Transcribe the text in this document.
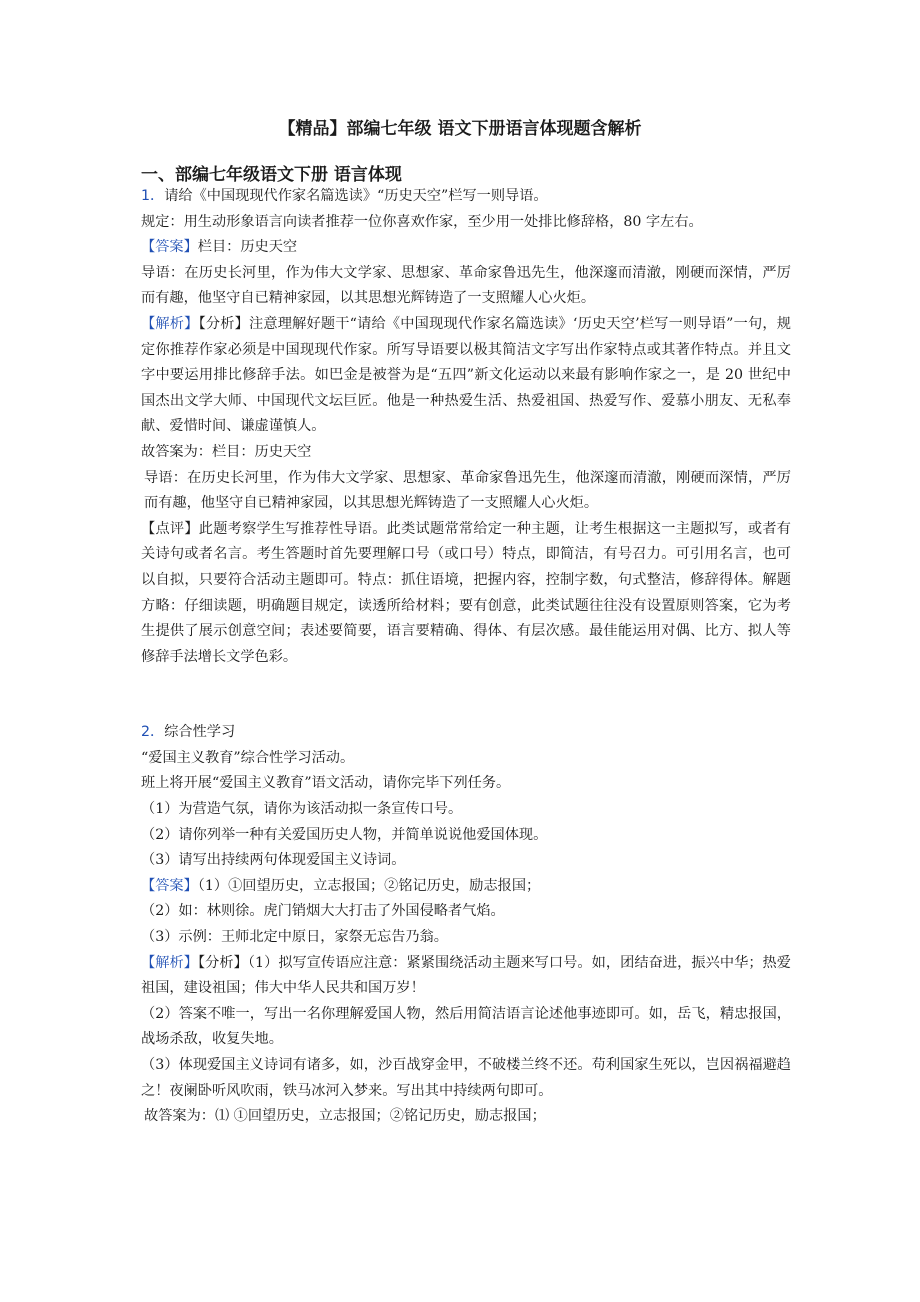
【精品】部编七年级 语文下册语言体现题含解析
一、部编七年级语文下册 语言体现

1．请给《中国现现代作家名篇选读》“历史天空”栏写一则导语。

规定：用生动形象语言向读者推荐一位你喜欢作家，至少用一处排比修辞格，80 字左右。

【答案】栏目：历史天空

导语：在历史长河里，作为伟大文学家、思想家、革命家鲁迅先生，他深邃而清澈，刚硬而深情，严厉而有趣，他坚守自已精神家园，以其思想光辉铸造了一支照耀人心火炬。

【解析】【分析】注意理解好题干“请给《中国现现代作家名篇选读》‘历史天空’栏写一则导语”一句，规定你推荐作家必须是中国现现代作家。所写导语要以极其简洁文字写出作家特点或其著作特点。并且文字中要运用排比修辞手法。如巴金是被誉为是“五四”新文化运动以来最有影响作家之一，是 20 世纪中国杰出文学大师、中国现代文坛巨匠。他是一种热爱生活、热爱祖国、热爱写作、爱慕小朋友、无私奉献、爱惜时间、谦虚谨慎人。

故答案为：栏目：历史天空

导语：在历史长河里，作为伟大文学家、思想家、革命家鲁迅先生，他深邃而清澈，刚硬而深情，严厉而有趣，他坚守自已精神家园，以其思想光辉铸造了一支照耀人心火炬。

【点评】此题考察学生写推荐性导语。此类试题常常给定一种主题，让考生根据这一主题拟写，或者有关诗句或者名言。考生答题时首先要理解口号（或口号）特点，即简洁，有号召力。可引用名言，也可以自拟，只要符合活动主题即可。特点：抓住语境，把握内容，控制字数，句式整洁，修辞得体。解题方略：仔细读题，明确题目规定，读透所给材料；要有创意，此类试题往往没有设置原则答案，它为考生提供了展示创意空间；表述要简要，语言要精确、得体、有层次感。最佳能运用对偶、比方、拟人等修辞手法增长文学色彩。

2．综合性学习

“爱国主义教育”综合性学习活动。

班上将开展“爱国主义教育”语文活动，请你完毕下列任务。

（1）为营造气氛，请你为该活动拟一条宣传口号。

（2）请你列举一种有关爱国历史人物，并简单说说他爱国体现。

（3）请写出持续两句体现爱国主义诗词。

【答案】（1）①回望历史，立志报国；②铭记历史，励志报国；

（2）如：林则徐。虎门销烟大大打击了外国侵略者气焰。

（3）示例：王师北定中原日，家祭无忘告乃翁。

【解析】【分析】（1）拟写宣传语应注意：紧紧围绕活动主题来写口号。如，团结奋进，振兴中华；热爱祖国，建设祖国；伟大中华人民共和国万岁！

（2）答案不唯一，写出一名你理解爱国人物，然后用简洁语言论述他事迹即可。如，岳飞，精忠报国，战场杀敌，收复失地。

（3）体现爱国主义诗词有诸多，如，沙百战穿金甲，不破楼兰终不还。苟利国家生死以，岂因祸福避趋之！夜阑卧听风吹雨，铁马冰河入梦来。写出其中持续两句即可。

故答案为：⑴ ①回望历史，立志报国；②铭记历史，励志报国；
